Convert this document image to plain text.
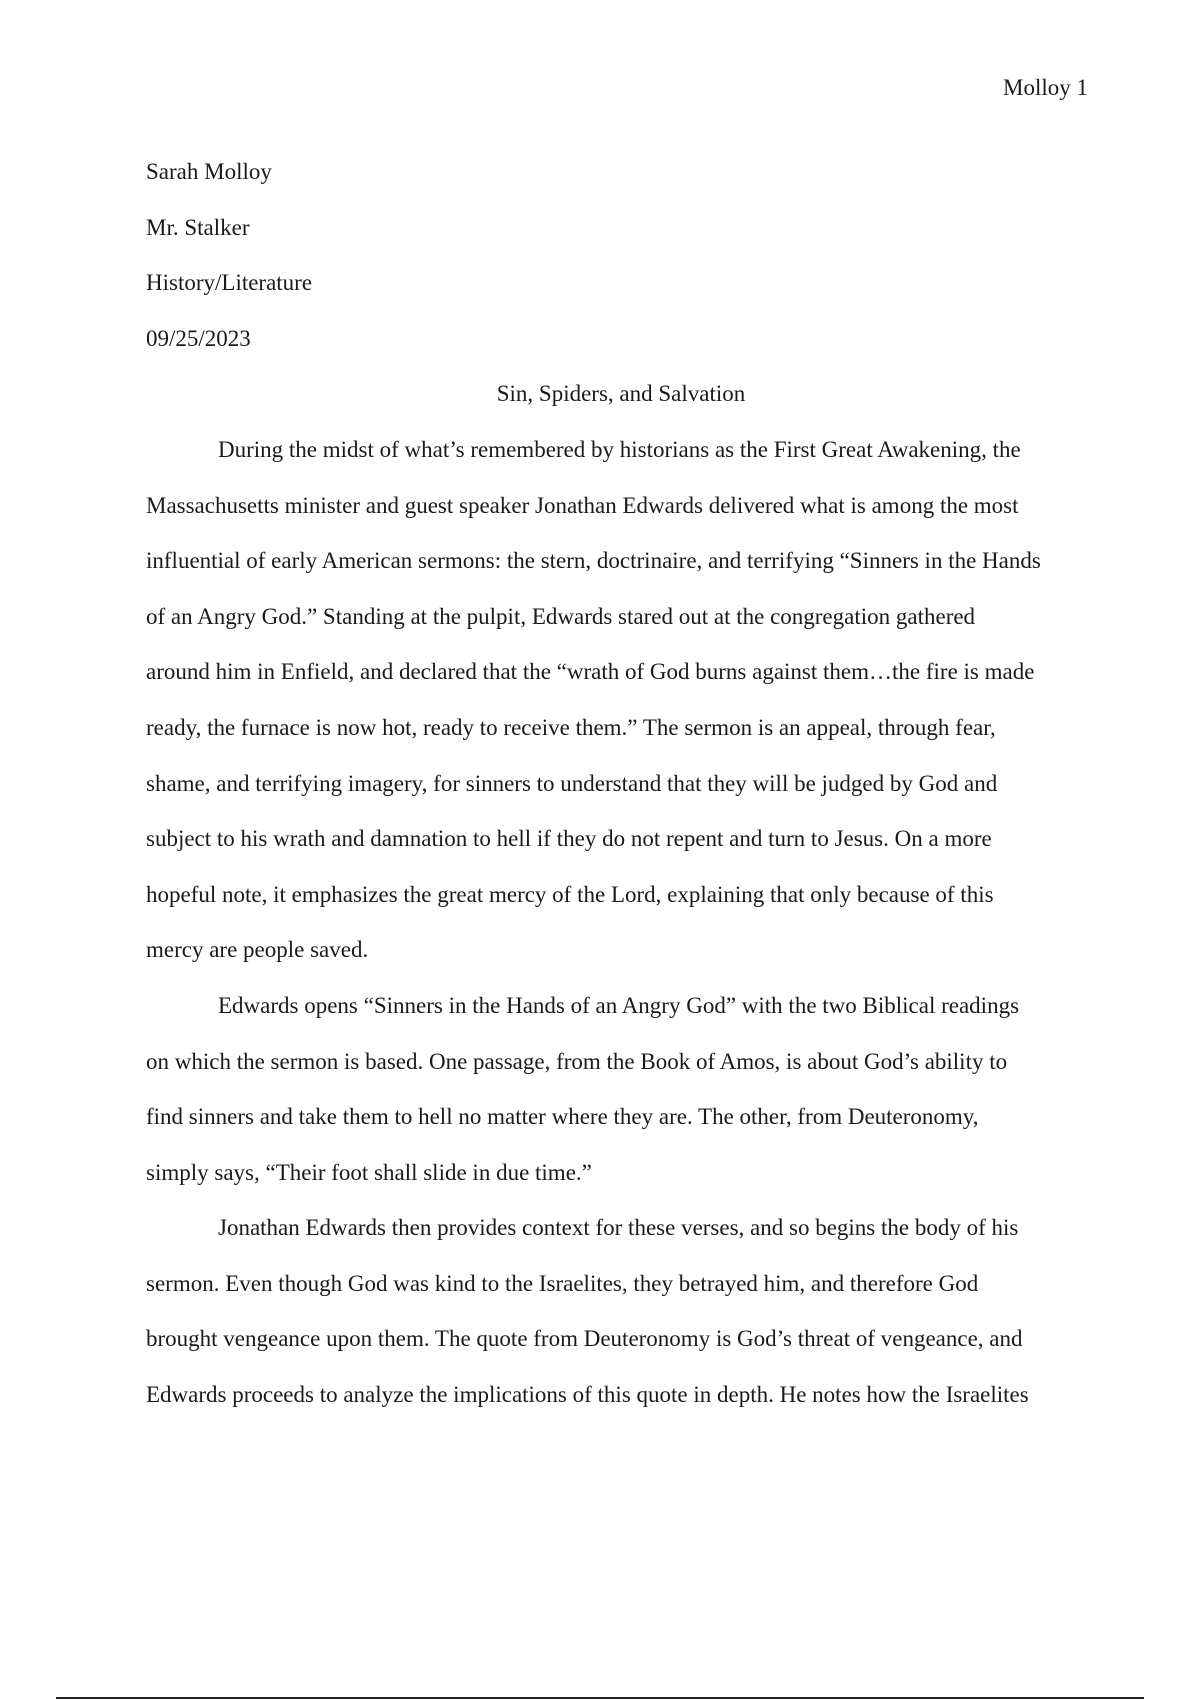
Molloy 1

Sarah Molloy

Mr. Stalker

History/Literature

09/25/2023

Sin, Spiders, and Salvation

During the midst of what’s remembered by historians as the First Great Awakening, the
Massachusetts minister and guest speaker Jonathan Edwards delivered what is among the most
influential of early American sermons: the stern, doctrinaire, and terrifying “Sinners in the Hands
of an Angry God.” Standing at the pulpit, Edwards stared out at the congregation gathered
around him in Enfield, and declared that the “wrath of God burns against them…the fire is made
ready, the furnace is now hot, ready to receive them.” The sermon is an appeal, through fear,
shame, and terrifying imagery, for sinners to understand that they will be judged by God and
subject to his wrath and damnation to hell if they do not repent and turn to Jesus. On a more
hopeful note, it emphasizes the great mercy of the Lord, explaining that only because of this
mercy are people saved.

Edwards opens “Sinners in the Hands of an Angry God” with the two Biblical readings
on which the sermon is based. One passage, from the Book of Amos, is about God’s ability to
find sinners and take them to hell no matter where they are. The other, from Deuteronomy,
simply says, “Their foot shall slide in due time.”

Jonathan Edwards then provides context for these verses, and so begins the body of his
sermon. Even though God was kind to the Israelites, they betrayed him, and therefore God
brought vengeance upon them. The quote from Deuteronomy is God’s threat of vengeance, and
Edwards proceeds to analyze the implications of this quote in depth. He notes how the Israelites
